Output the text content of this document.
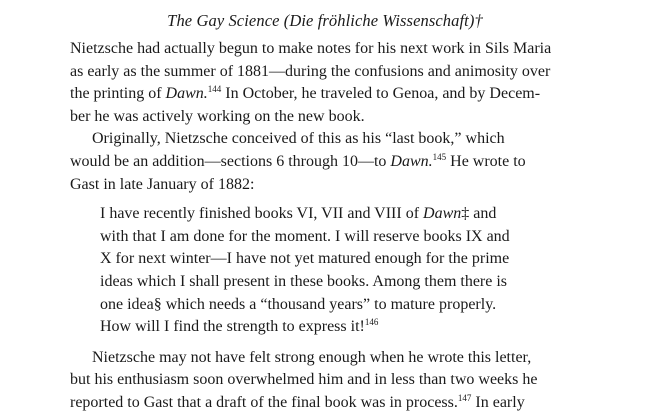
The Gay Science (Die fröhliche Wissenschaft)†

Nietzsche had actually begun to make notes for his next work in Sils Maria
as early as the summer of 1881—during the confusions and animosity over
the printing of Dawn.$^{144}$ In October, he traveled to Genoa, and by Decem-
ber he was actively working on the new book.

Originally, Nietzsche conceived of this as his “last book,” which
would be an addition—sections 6 through 10—to Dawn.$^{145}$ He wrote to
Gast in late January of 1882:

I have recently finished books VI, VII and VIII of Dawn‡ and
with that I am done for the moment. I will reserve books IX and
X for next winter—I have not yet matured enough for the prime
ideas which I shall present in these books. Among them there is
one idea§ which needs a “thousand years” to mature properly.
How will I find the strength to express it!$^{146}$

Nietzsche may not have felt strong enough when he wrote this letter,
but his enthusiasm soon overwhelmed him and in less than two weeks he
reported to Gast that a draft of the final book was in process.$^{147}$ In early
